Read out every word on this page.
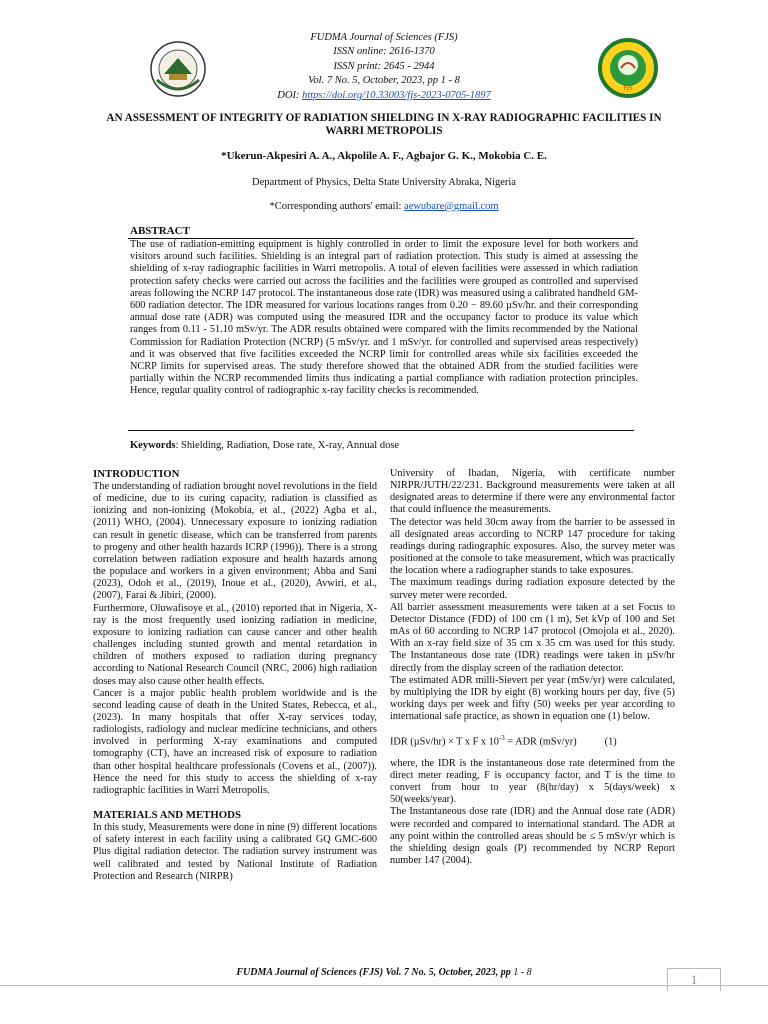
FJS
FUDMA Journal of Sciences (FJS)
ISSN online: 2616-1370
ISSN print: 2645 - 2944
Vol. 7 No. 5, October, 2023, pp 1 - 8
DOI: https://doi.org/10.33003/fjs-2023-0705-1897
AN ASSESSMENT OF INTEGRITY OF RADIATION SHIELDING IN X-RAY RADIOGRAPHIC FACILITIES IN
WARRI METROPOLIS
*Ukerun-Akpesiri A. A., Akpolile A. F., Agbajor G. K., Mokobia C. E.
Department of Physics, Delta State University Abraka, Nigeria
*Corresponding authors' email: aewubare@gmail.com
ABSTRACT
The use of radiation-emitting equipment is highly controlled in order to limit the exposure level for both workers and visitors around such facilities. Shielding is an integral part of radiation protection. This study is aimed at assessing the shielding of x-ray radiographic facilities in Warri metropolis. A total of eleven facilities were assessed in which radiation protection safety checks were carried out across the facilities and the facilities were grouped as controlled and supervised areas following the NCRP 147 protocol. The instantaneous dose rate (IDR) was measured using a calibrated handheld GM-600 radiation detector. The IDR measured for various locations ranges from 0.20 − 89.60 µSv/hr. and their corresponding annual dose rate (ADR) was computed using the measured IDR and the occupancy factor to produce its value which ranges from 0.11 - 51.10 mSv/yr. The ADR results obtained were compared with the limits recommended by the National Commission for Radiation Protection (NCRP) (5 mSv/yr. and 1 mSv/yr. for controlled and supervised areas respectively) and it was observed that five facilities exceeded the NCRP limit for controlled areas while six facilities exceeded the NCRP limits for supervised areas. The study therefore showed that the obtained ADR from the studied facilities were partially within the NCRP recommended limits thus indicating a partial compliance with radiation protection principles. Hence, regular quality control of radiographic x-ray facility checks is recommended.
Keywords: Shielding, Radiation, Dose rate, X-ray, Annual dose
INTRODUCTION

The understanding of radiation brought novel revolutions in the field of medicine, due to its curing capacity, radiation is classified as ionizing and non-ionizing (Mokobia, et al., (2022) Agba et al., (2011) WHO, (2004). Unnecessary exposure to ionizing radiation can result in genetic disease, which can be transferred from parents to progeny and other health hazards ICRP (1996)). There is a strong correlation between radiation exposure and health hazards among the populace and workers in a given environment; Abba and Sani (2023), Odoh et al., (2019), Inoue et al., (2020), Avwiri, et al., (2007), Farai & Jibiri, (2000).

Furthermore, Oluwafisoye et al., (2010) reported that in Nigeria, X-ray is the most frequently used ionizing radiation in medicine, exposure to ionizing radiation can cause cancer and other health challenges including stunted growth and mental retardation in children of mothers exposed to radiation during pregnancy according to National Research Council (NRC, 2006) high radiation doses may also cause other health effects.

Cancer is a major public health problem worldwide and is the second leading cause of death in the United States, Rebecca, et al., (2023). In many hospitals that offer X-ray services today, radiologists, radiology and nuclear medicine technicians, and others involved in performing X-ray examinations and computed tomography (CT), have an increased risk of exposure to radiation than other hospital healthcare professionals (Covens et al., (2007)). Hence the need for this study to access the shielding of x-ray radiographic facilities in Warri Metropolis.

MATERIALS AND METHODS

In this study, Measurements were done in nine (9) different locations of safety interest in each facility using a calibrated GQ GMC-600 Plus digital radiation detector. The radiation survey instrument was well calibrated and tested by National Institute of Radiation Protection and Research (NIRPR)

University of Ibadan, Nigeria, with certificate number NIRPR/JUTH/22/231. Background measurements were taken at all designated areas to determine if there were any environmental factor that could influence the measurements.

The detector was held 30cm away from the barrier to be assessed in all designated areas according to NCRP 147 procedure for taking readings during radiographic exposures. Also, the survey meter was positioned at the console to take measurement, which was practically the location where a radiographer stands to take exposures.

The maximum readings during radiation exposure detected by the survey meter were recorded.

All barrier assessment measurements were taken at a set Focus to Detector Distance (FDD) of 100 cm (1 m), Set kVp of 100 and Set mAs of 60 according to NCRP 147 protocol (Omojola et al., 2020). With an x-ray field size of 35 cm x 35 cm was used for this study. The Instantaneous dose rate (IDR) readings were taken in µSv/hr directly from the display screen of the radiation detector.

The estimated ADR milli-Sievert per year (mSv/yr) were calculated, by multiplying the IDR by eight (8) working hours per day, five (5) working days per week and fifty (50) weeks per year according to international safe practice, as shown in equation one (1) below.

IDR (µSv/hr) × T x F x $10^{-3}$ = ADR (mSv/yr)	(1)

where, the IDR is the instantaneous dose rate determined from the direct meter reading, F is occupancy factor, and T is the time to convert from hour to year (8(hr/day) x 5(days/week) x 50(weeks/year).

The Instantaneous dose rate (IDR) and the Annual dose rate (ADR) were recorded and compared to international standard. The ADR at any point within the controlled areas should be ≤ 5 mSv/yr which is the shielding design goals (P) recommended by NCRP Report number 147 (2004).

FUDMA Journal of Sciences (FJS) Vol. 7 No. 5, October, 2023, pp 1 - 8	1
